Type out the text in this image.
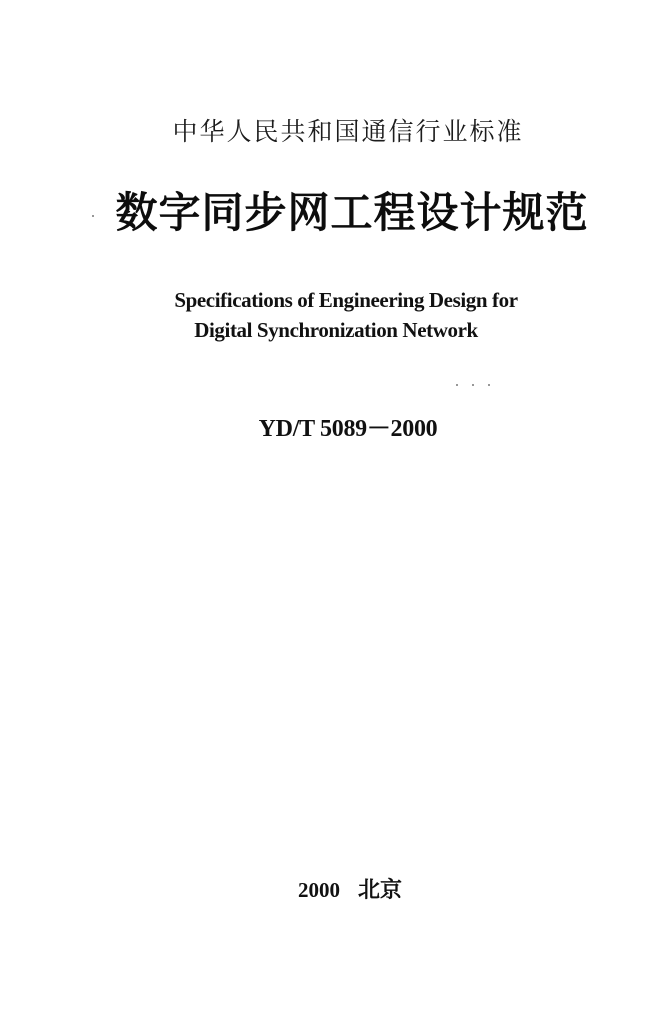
中华人民共和国通信行业标准
数字同步网工程设计规范
Specifications of Engineering Design for
Digital Synchronization Network
YD/T 5089－2000
2000 北京
